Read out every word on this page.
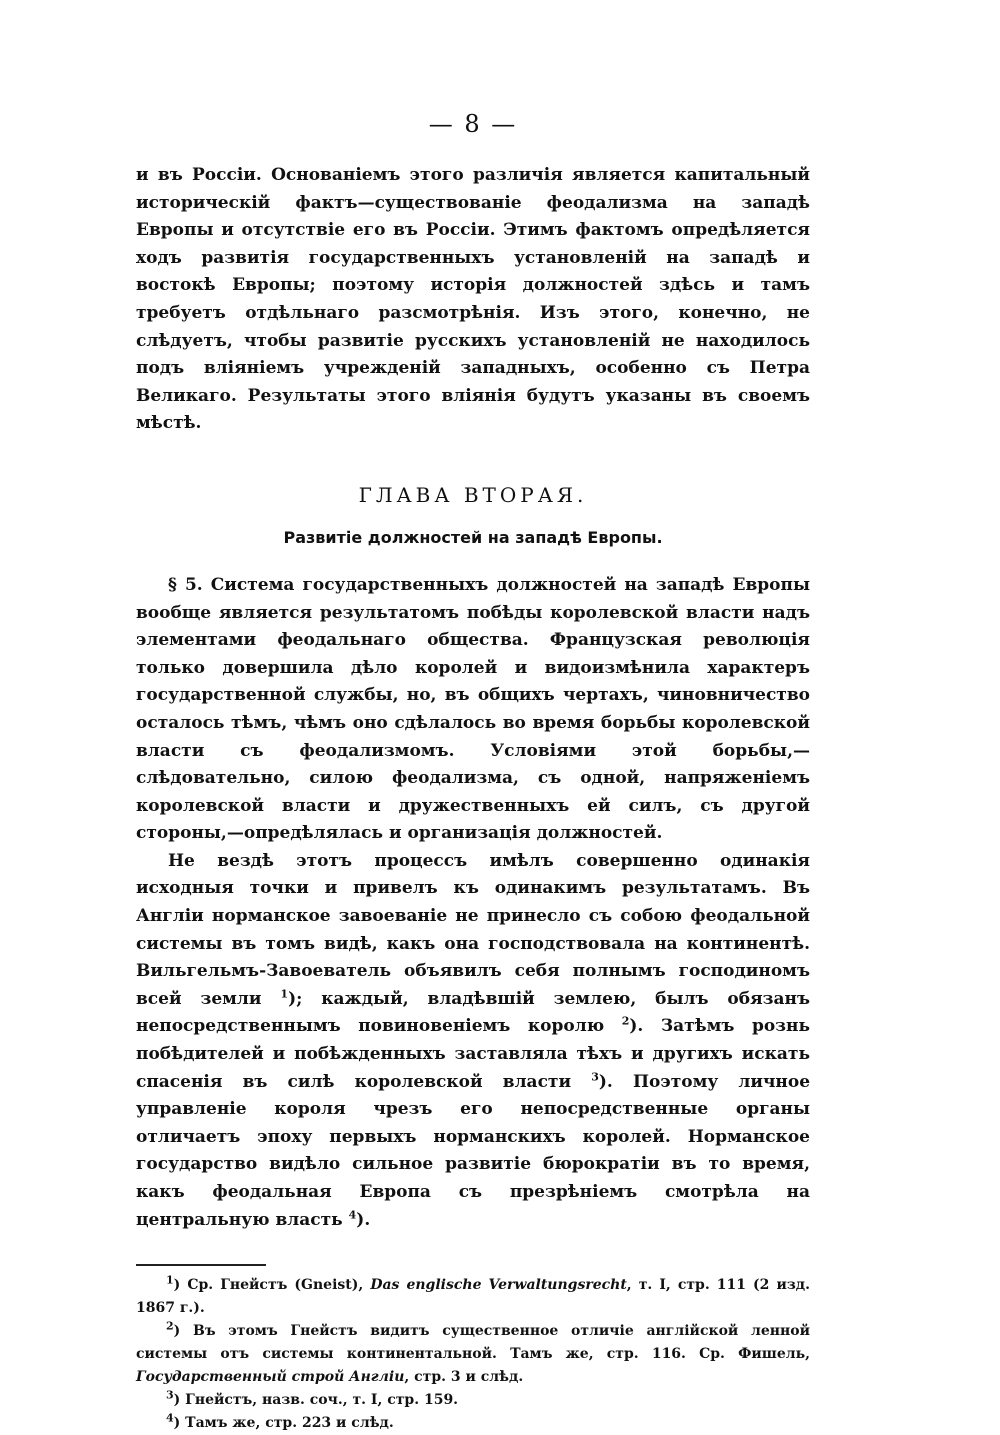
— 8 —

и въ Россіи. Основаніемъ этого различія является капитальный историческій фактъ—существованіе феодализма на западѣ Европы и отсутствіе его въ Россіи. Этимъ фактомъ опредѣляется ходъ развитія государственныхъ установленій на западѣ и востокѣ Европы; поэтому исторія должностей здѣсь и тамъ требуетъ отдѣльнаго разсмотрѣнія. Изъ этого, конечно, не слѣдуетъ, чтобы развитіе русскихъ установленій не находилось подъ вліяніемъ учрежденій западныхъ, особенно съ Петра Великаго. Результаты этого вліянія будутъ указаны въ своемъ мѣстѣ.

ГЛАВА ВТОРАЯ.
Развитіе должностей на западѣ Европы.

§ 5. Система государственныхъ должностей на западѣ Европы вообще является результатомъ побѣды королевской власти надъ элементами феодальнаго общества. Французская революція только довершила дѣло королей и видоизмѣнила характеръ государственной службы, но, въ общихъ чертахъ, чиновничество осталось тѣмъ, чѣмъ оно сдѣлалось во время борьбы королевской власти съ феодализмомъ. Условіями этой борьбы,—слѣдовательно, силою феодализма, съ одной, напряженіемъ королевской власти и дружественныхъ ей силъ, съ другой стороны,—опредѣлялась и организація должностей.

Не вездѣ этотъ процессъ имѣлъ совершенно одинакія исходныя точки и привелъ къ одинакимъ результатамъ. Въ Англіи норманское завоеваніе не принесло съ собою феодальной системы въ томъ видѣ, какъ она господствовала на континентѣ. Вильгельмъ-Завоеватель объявилъ себя полнымъ господиномъ всей земли $^1$); каждый, владѣвшій землею, былъ обязанъ непосредственнымъ повиновеніемъ королю $^2$). Затѣмъ рознь побѣдителей и побѣжденныхъ заставляла тѣхъ и другихъ искать спасенія въ силѣ королевской власти $^3$). Поэтому личное управленіе короля чрезъ его непосредственные органы отличаетъ эпоху первыхъ норманскихъ королей. Норманское государство видѣло сильное развитіе бюрократіи въ то время, какъ феодальная Европа съ презрѣніемъ смотрѣла на центральную власть $^4$).

$^1$) Ср. Гнейстъ (Gneist), Das englische Verwaltungsrecht, т. I, стр. 111 (2 изд. 1867 г.).

$^2$) Въ этомъ Гнейстъ видитъ существенное отличіе англійской ленной системы отъ системы континентальной. Тамъ же, стр. 116. Ср. Фишель, Государственный строй Англіи, стр. 3 и слѣд.

$^3$) Гнейстъ, назв. соч., т. I, стр. 159.

$^4$) Тамъ же, стр. 223 и слѣд.
